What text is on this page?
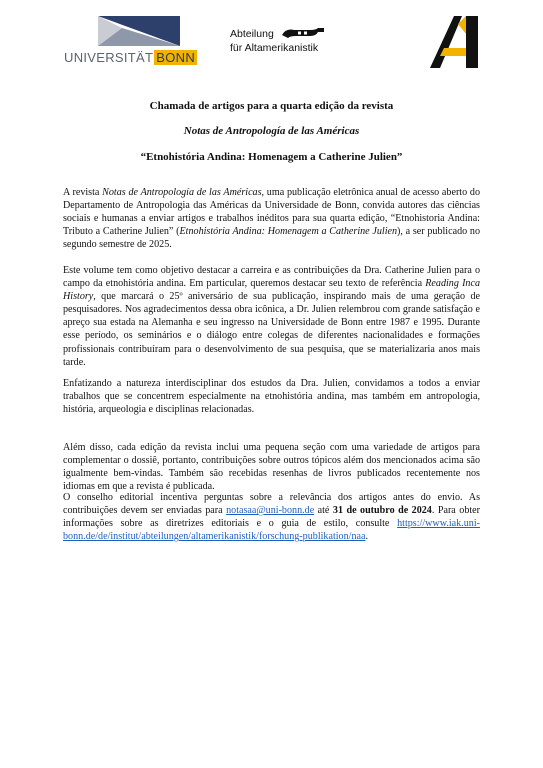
UNIVERSITÄT BONN
Abteilung
für Altamerikanistik
Chamada de artigos para a quarta edição da revista
Notas de Antropología de las Américas
“Etnohistória Andina: Homenagem a Catherine Julien”
A revista Notas de Antropología de las Américas, uma publicação eletrônica anual de acesso aberto do Departamento de Antropologia das Américas da Universidade de Bonn, convida autores das ciências sociais e humanas a enviar artigos e trabalhos inéditos para sua quarta edição, “Etnohistoria Andina: Tributo a Catherine Julien” (Etnohistória Andina: Homenagem a Catherine Julien), a ser publicado no segundo semestre de 2025.
Este volume tem como objetivo destacar a carreira e as contribuições da Dra. Catherine Julien para o campo da etnohistória andina. Em particular, queremos destacar seu texto de referência Reading Inca History, que marcará o 25º aniversário de sua publicação, inspirando mais de uma geração de pesquisadores. Nos agradecimentos dessa obra icônica, a Dr. Julien relembrou com grande satisfação e apreço sua estada na Alemanha e seu ingresso na Universidade de Bonn entre 1987 e 1995. Durante esse período, os seminários e o diálogo entre colegas de diferentes nacionalidades e formações profissionais contribuíram para o desenvolvimento de sua pesquisa, que se materializaria anos mais tarde.
Enfatizando a natureza interdisciplinar dos estudos da Dra. Julien, convidamos a todos a enviar trabalhos que se concentrem especialmente na etnohistória andina, mas também em antropologia, história, arqueologia e disciplinas relacionadas.
Além disso, cada edição da revista inclui uma pequena seção com uma variedade de artigos para complementar o dossiê, portanto, contribuições sobre outros tópicos além dos mencionados acima são igualmente bem-vindas. Também são recebidas resenhas de livros publicados recentemente nos idiomas em que a revista é publicada.
O conselho editorial incentiva perguntas sobre a relevância dos artigos antes do envio. As contribuições devem ser enviadas para notasaa@uni-bonn.de até 31 de outubro de 2024. Para obter informações sobre as diretrizes editoriais e o guia de estilo, consulte https://www.iak.uni-bonn.de/de/institut/abteilungen/altamerikanistik/forschung-publikation/naa.
